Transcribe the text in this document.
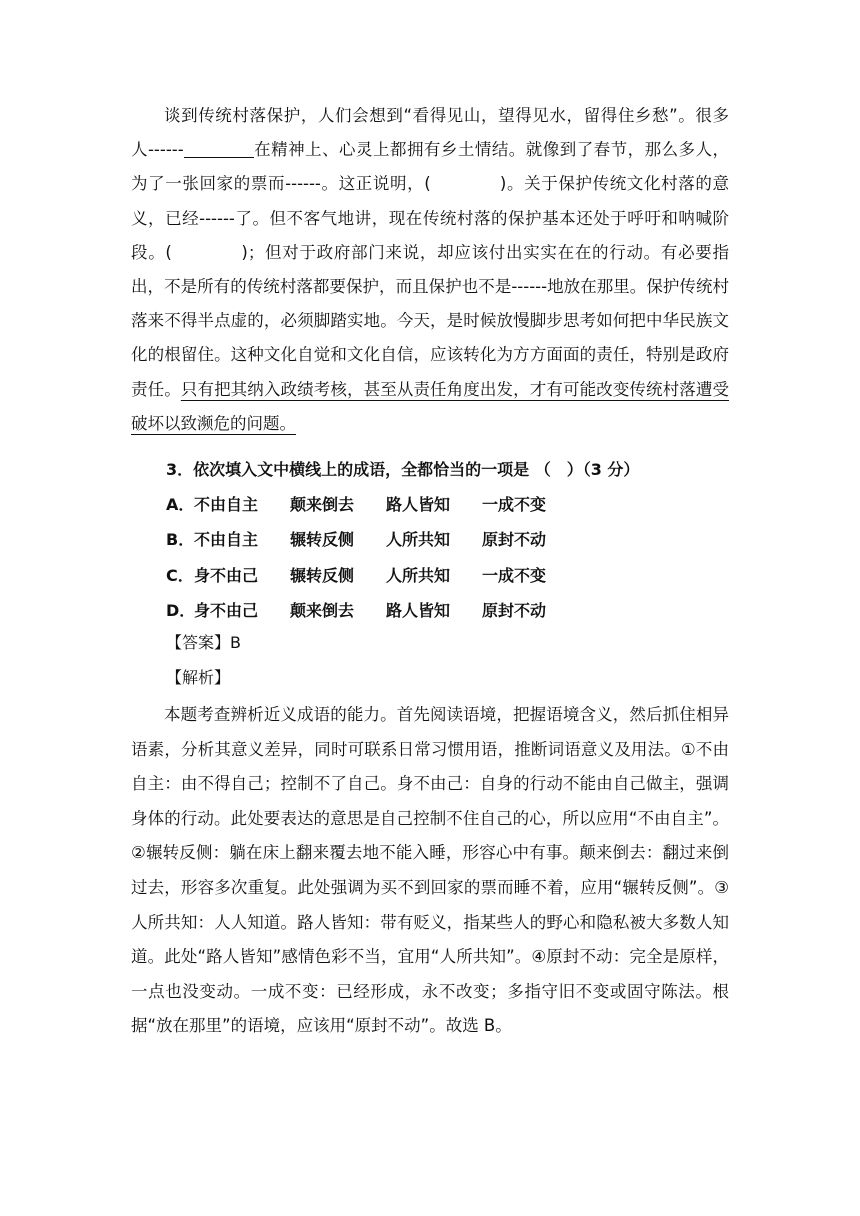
谈到传统村落保护，人们会想到“看得见山，望得见水，留得住乡愁”。很多人------	在精神上、心灵上都拥有乡土情结。就像到了春节，那么多人，为了一张回家的票而------。这正说明，(　　　　)。关于保护传统文化村落的意义，已经------了。但不客气地讲，现在传统村落的保护基本还处于呼吁和呐喊阶段。(　　　　)；但对于政府部门来说，却应该付出实实在在的行动。有必要指出，不是所有的传统村落都要保护，而且保护也不是------地放在那里。保护传统村落来不得半点虚的，必须脚踏实地。今天，是时候放慢脚步思考如何把中华民族文化的根留住。这种文化自觉和文化自信，应该转化为方方面面的责任，特别是政府责任。只有把其纳入政绩考核，甚至从责任角度出发，才有可能改变传统村落遭受破坏以致濒危的问题。

3．依次填入文中横线上的成语，全都恰当的一项是 （　）（3 分）
A．不由自主 颠来倒去 路人皆知 一成不变
B．不由自主 辗转反侧 人所共知 原封不动
C．身不由己 辗转反侧 人所共知 一成不变
D．身不由己 颠来倒去 路人皆知 原封不动
【答案】B
【解析】

本题考查辨析近义成语的能力。首先阅读语境，把握语境含义，然后抓住相异语素，分析其意义差异，同时可联系日常习惯用语，推断词语意义及用法。①不由自主：由不得自己；控制不了自己。身不由己：自身的行动不能由自己做主，强调身体的行动。此处要表达的意思是自己控制不住自己的心，所以应用“不由自主”。②辗转反侧：躺在床上翻来覆去地不能入睡，形容心中有事。颠来倒去：翻过来倒过去，形容多次重复。此处强调为买不到回家的票而睡不着，应用“辗转反侧”。③人所共知：人人知道。路人皆知：带有贬义，指某些人的野心和隐私被大多数人知道。此处“路人皆知”感情色彩不当，宜用“人所共知”。④原封不动：完全是原样，一点也没变动。一成不变：已经形成，永不改变；多指守旧不变或固守陈法。根据“放在那里”的语境，应该用“原封不动”。故选 B。
